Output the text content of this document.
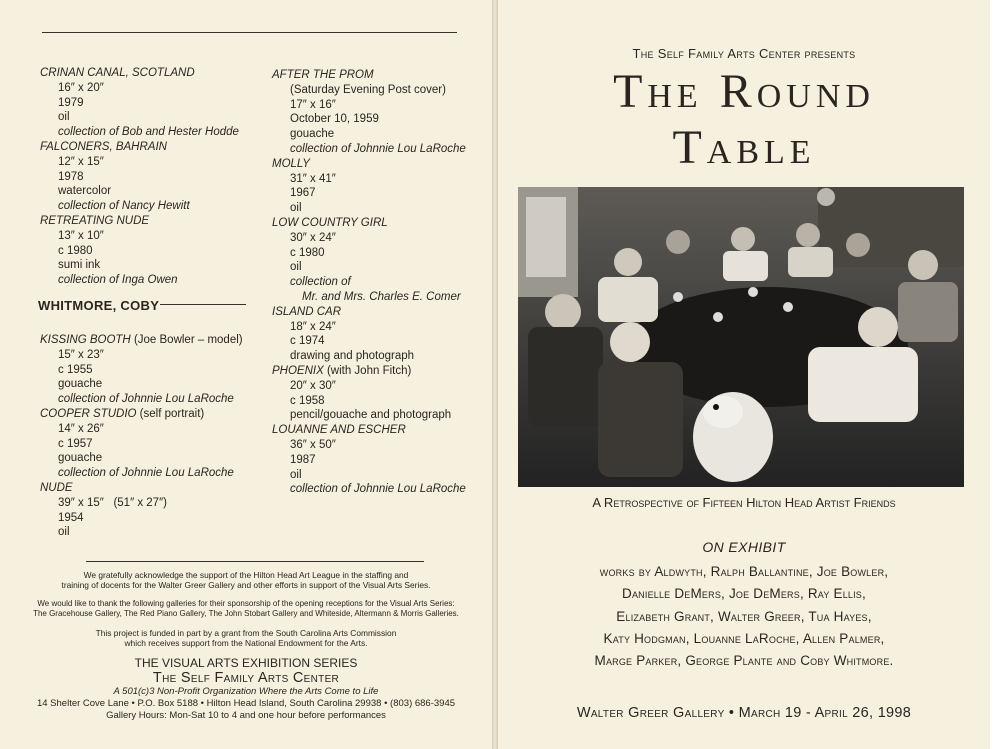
CRINAN CANAL, SCOTLAND
16″ x 20″
1979
oil
collection of Bob and Hester Hodde
FALCONERS, BAHRAIN
12″ x 15″
1978
watercolor
collection of Nancy Hewitt
RETREATING NUDE
13″ x 10″
c 1980
sumi ink
collection of Inga Owen
WHITMORE, COBY
KISSING BOOTH (Joe Bowler – model)
15″ x 23″
c 1955
gouache
collection of Johnnie Lou LaRoche
COOPER STUDIO (self portrait)
14″ x 26″
c 1957
gouache
collection of Johnnie Lou LaRoche
NUDE
39″ x 15″   (51″ x 27″)
1954
oil
AFTER THE PROM
(Saturday Evening Post cover)
17″ x 16″
October 10, 1959
gouache
collection of Johnnie Lou LaRoche
MOLLY
31″ x 41″
1967
oil
LOW COUNTRY GIRL
30″ x 24″
c 1980
oil
collection of
Mr. and Mrs. Charles E. Comer
ISLAND CAR
18″ x 24″
c 1974
drawing and photograph
PHOENIX (with John Fitch)
20″ x 30″
c 1958
pencil/gouache and photograph
LOUANNE AND ESCHER
36″ x 50″
1987
oil
collection of Johnnie Lou LaRoche
We gratefully acknowledge the support of the Hilton Head Art League in the staffing and
training of docents for the Walter Greer Gallery and other efforts in support of the Visual Arts Series.
We would like to thank the following galleries for their sponsorship of the opening receptions for the Visual Arts Series:
The Gracehouse Gallery, The Red Piano Gallery, The John Stobart Gallery and Whiteside, Altermann & Morris Galleries.
This project is funded in part by a grant from the South Carolina Arts Commission
which receives support from the National Endowment for the Arts.
THE VISUAL ARTS EXHIBITION SERIES
The Self Family Arts Center
A 501(c)3 Non-Profit Organization Where the Arts Come to Life
14 Shelter Cove Lane • P.O. Box 5188 • Hilton Head Island, South Carolina 29938 • (803) 686-3945
Gallery Hours: Mon-Sat 10 to 4 and one hour before performances
The Self Family Arts Center presents
The Round
Table
A Retrospective of Fifteen Hilton Head Artist Friends
ON EXHIBIT
works by Aldwyth, Ralph Ballantine, Joe Bowler,
Danielle DeMers, Joe DeMers, Ray Ellis,
Elizabeth Grant, Walter Greer, Tua Hayes,
Katy Hodgman, Louanne LaRoche, Allen Palmer,
Marge Parker, George Plante and Coby Whitmore.
Walter Greer Gallery • March 19 - April 26, 1998
